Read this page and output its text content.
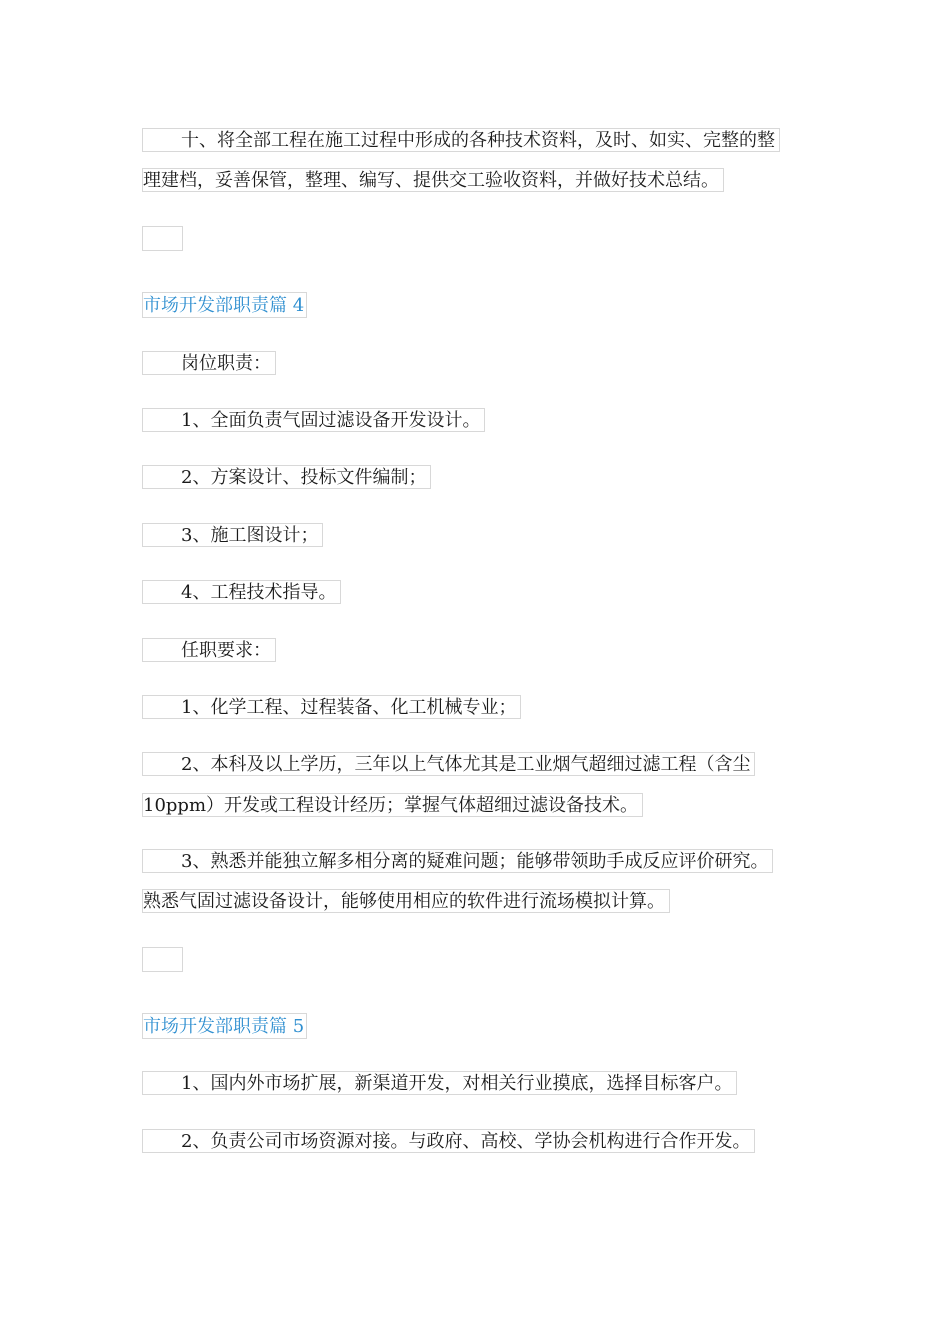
十、将全部工程在施工过程中形成的各种技术资料，及时、如实、完整的整
理建档，妥善保管，整理、编写、提供交工验收资料，并做好技术总结。
市场开发部职责篇 4
岗位职责：
1、全面负责气固过滤设备开发设计。
2、方案设计、投标文件编制；
3、施工图设计；
4、工程技术指导。
任职要求：
1、化学工程、过程装备、化工机械专业；
2、本科及以上学历，三年以上气体尤其是工业烟气超细过滤工程（含尘
10ppm）开发或工程设计经历；掌握气体超细过滤设备技术。
3、熟悉并能独立解多相分离的疑难问题；能够带领助手成反应评价研究。
熟悉气固过滤设备设计，能够使用相应的软件进行流场模拟计算。
市场开发部职责篇 5
1、国内外市场扩展，新渠道开发，对相关行业摸底，选择目标客户。
2、负责公司市场资源对接。与政府、高校、学协会机构进行合作开发。
